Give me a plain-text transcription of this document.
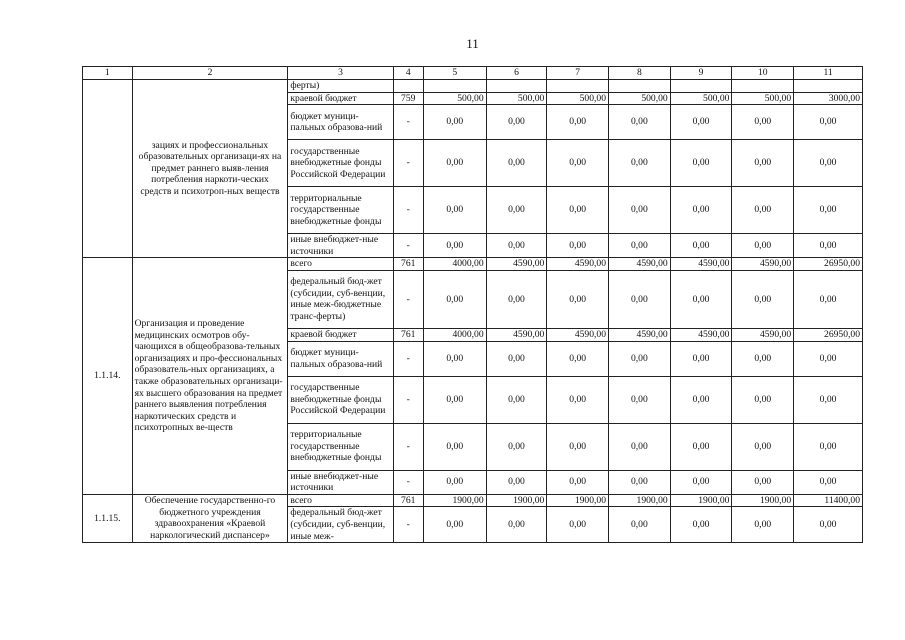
11
1	2	3	4	5	6	7	8	9	10	11
	зациях и профессиональных образовательных организаци-ях на предмет раннего выяв-ления потребления наркоти-ческих средств и психотроп-ных веществ	ферты)								
		краевой бюджет	759	500,00	500,00	500,00	500,00	500,00	500,00	3000,00
		бюджет муници-пальных образова-ний	-	0,00	0,00	0,00	0,00	0,00	0,00	0,00
		государственные внебюджетные фонды Российской Федерации	-	0,00	0,00	0,00	0,00	0,00	0,00	0,00
		территориальные государственные внебюджетные фонды	-	0,00	0,00	0,00	0,00	0,00	0,00	0,00
		иные внебюджет-ные источники	-	0,00	0,00	0,00	0,00	0,00	0,00	0,00
1.1.14.	Организация и проведение медицинских осмотров обу-чающихся в общеобразова-тельных организациях и про-фессиональных образователь-ных организациях, а также образовательных организаци-ях высшего образования на предмет раннего выявления потребления наркотических средств и психотропных ве-ществ	всего	761	4000,00	4590,00	4590,00	4590,00	4590,00	4590,00	26950,00
		федеральный бюд-жет (субсидии, суб-венции, иные меж-бюджетные транс-ферты)	-	0,00	0,00	0,00	0,00	0,00	0,00	0,00
		краевой бюджет	761	4000,00	4590,00	4590,00	4590,00	4590,00	4590,00	26950,00
		бюджет муници-пальных образова-ний	-	0,00	0,00	0,00	0,00	0,00	0,00	0,00
		государственные внебюджетные фонды Российской Федерации	-	0,00	0,00	0,00	0,00	0,00	0,00	0,00
		территориальные государственные внебюджетные фонды	-	0,00	0,00	0,00	0,00	0,00	0,00	0,00
		иные внебюджет-ные источники	-	0,00	0,00	0,00	0,00	0,00	0,00	0,00
1.1.15.	Обеспечение государственно-го бюджетного учреждения здравоохранения «Краевой наркологический диспансер»	всего	761	1900,00	1900,00	1900,00	1900,00	1900,00	1900,00	11400,00
		федеральный бюд-жет (субсидии, суб-венции, иные меж-	-	0,00	0,00	0,00	0,00	0,00	0,00	0,00
